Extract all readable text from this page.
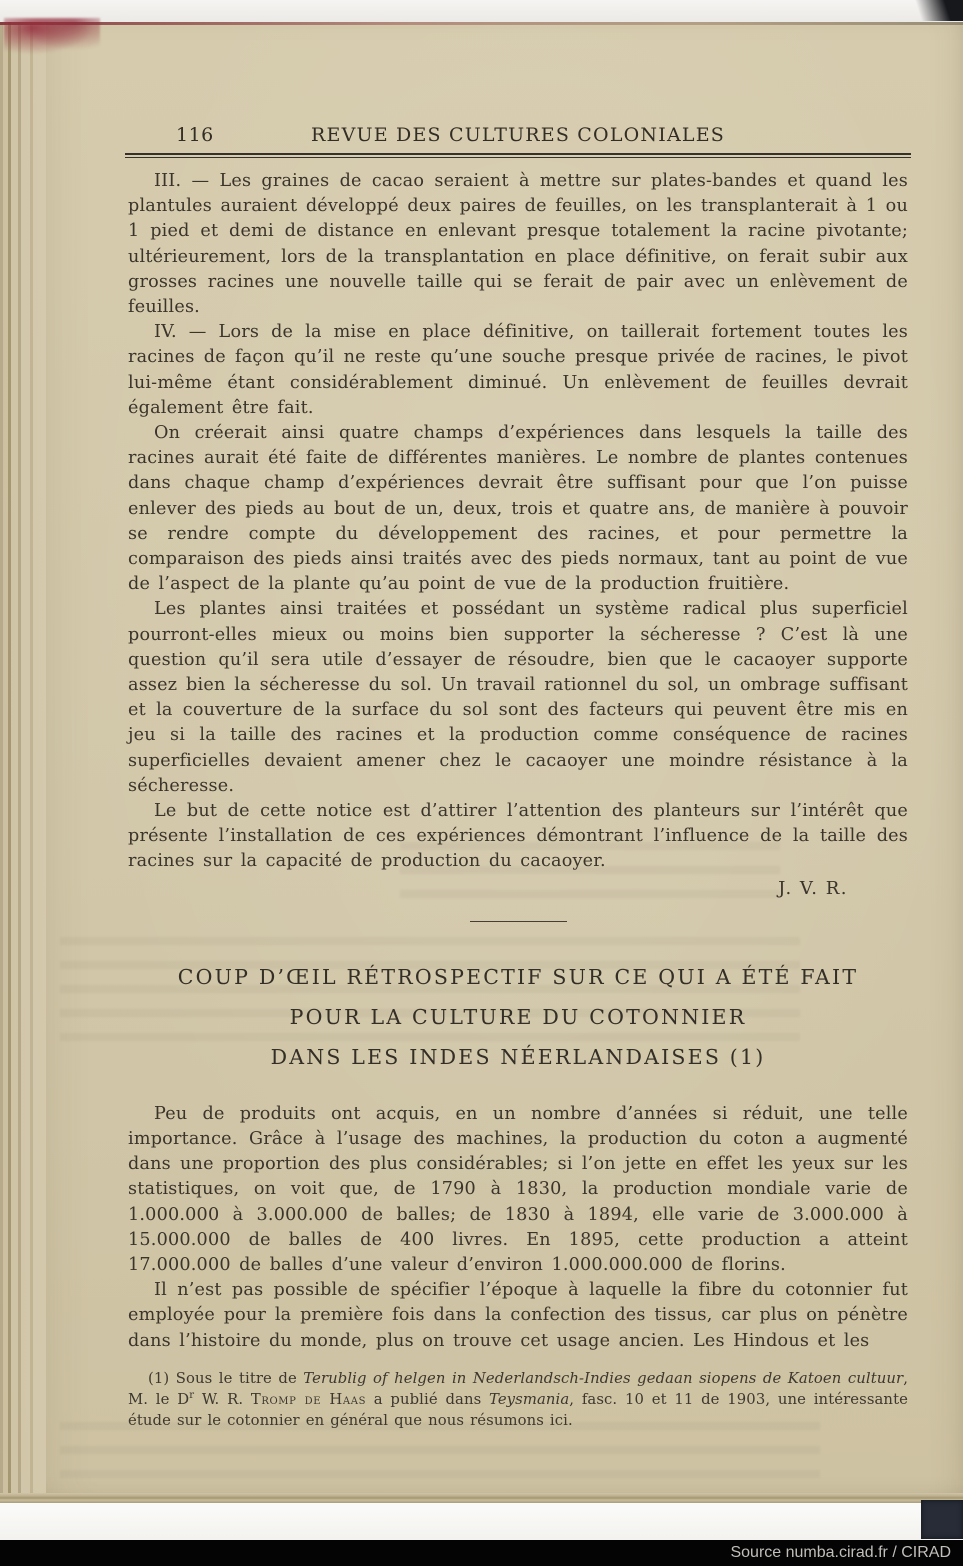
116	REVUE DES CULTURES COLONIALES

III. — Les graines de cacao seraient à mettre sur plates-bandes et quand les plantules auraient développé deux paires de feuilles, on les transplanterait à 1 ou 1 pied et demi de distance en enlevant presque totalement la racine pivotante; ultérieurement, lors de la transplantation en place définitive, on ferait subir aux grosses racines une nouvelle taille qui se ferait de pair avec un enlèvement de feuilles.

IV. — Lors de la mise en place définitive, on taillerait fortement toutes les racines de façon qu’il ne reste qu’une souche presque privée de racines, le pivot lui-même étant considérablement diminué. Un enlèvement de feuilles devrait également être fait.

On créerait ainsi quatre champs d’expériences dans lesquels la taille des racines aurait été faite de différentes manières. Le nombre de plantes contenues dans chaque champ d’expériences devrait être suffisant pour que l’on puisse enlever des pieds au bout de un, deux, trois et quatre ans, de manière à pouvoir se rendre compte du développement des racines, et pour permettre la comparaison des pieds ainsi traités avec des pieds normaux, tant au point de vue de l’aspect de la plante qu’au point de vue de la production fruitière.

Les plantes ainsi traitées et possédant un système radical plus superficiel pourront-elles mieux ou moins bien supporter la sécheresse ? C’est là une question qu’il sera utile d’essayer de résoudre, bien que le cacaoyer supporte assez bien la sécheresse du sol. Un travail rationnel du sol, un ombrage suffisant et la couverture de la surface du sol sont des facteurs qui peuvent être mis en jeu si la taille des racines et la production comme conséquence de racines superficielles devaient amener chez le cacaoyer une moindre résistance à la sécheresse.

Le but de cette notice est d’attirer l’attention des planteurs sur l’intérêt que présente l’installation de ces expériences démontrant l’influence de la taille des racines sur la capacité de production du cacaoyer.

J. V. R.
COUP D’ŒIL RÉTROSPECTIF SUR CE QUI A ÉTÉ FAIT
POUR LA CULTURE DU COTONNIER
DANS LES INDES NÉERLANDAISES (1)

Peu de produits ont acquis, en un nombre d’années si réduit, une telle importance. Grâce à l’usage des machines, la production du coton a augmenté dans une proportion des plus considérables; si l’on jette en effet les yeux sur les statistiques, on voit que, de 1790 à 1830, la production mondiale varie de 1.000.000 à 3.000.000 de balles; de 1830 à 1894, elle varie de 3.000.000 à 15.000.000 de balles de 400 livres. En 1895, cette production a atteint 17.000.000 de balles d’une valeur d’environ 1.000.000.000 de florins.

Il n’est pas possible de spécifier l’époque à laquelle la fibre du cotonnier fut employée pour la première fois dans la confection des tissus, car plus on pénètre dans l’histoire du monde, plus on trouve cet usage ancien. Les Hindous et les

(1) Sous le titre de Terublig of helgen in Nederlandsch-Indies gedaan siopens de Katoen cultuur, M. le $D^r$ W. R. Tromp de Haas a publié dans Teysmania, fasc. 10 et 11 de 1903, une intéressante étude sur le cotonnier en général que nous résumons ici.
Source numba.cirad.fr / CIRAD
